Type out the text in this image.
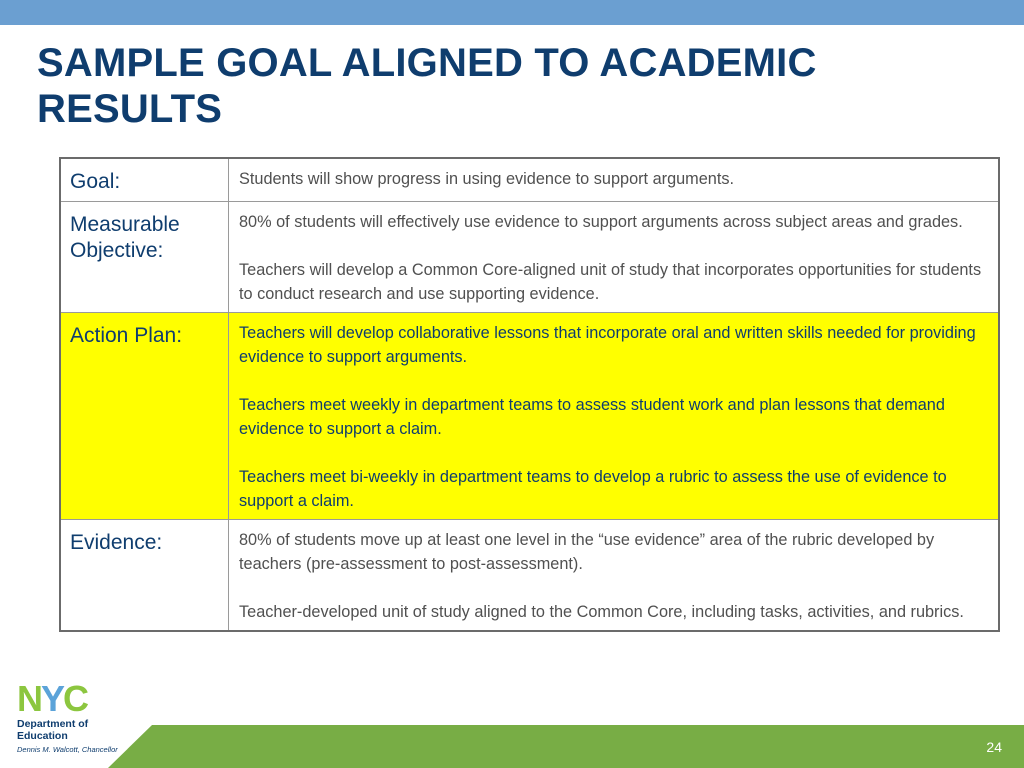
SAMPLE GOAL ALIGNED TO ACADEMIC RESULTS
Goal:	Students will show progress in using evidence to support arguments.

Measurable Objective:	80% of students will effectively use evidence to support arguments across subject areas and grades.

Teachers will develop a Common Core-aligned unit of study that incorporates opportunities for students to conduct research and use supporting evidence.

Action Plan:	Teachers will develop collaborative lessons that incorporate oral and written skills needed for providing evidence to support arguments.

Teachers meet weekly in department teams to assess student work and plan lessons that demand evidence to support a claim.

Teachers meet bi-weekly in department teams to develop a rubric to assess the use of evidence to support a claim.

Evidence:	80% of students move up at least one level in the “use evidence” area of the rubric developed by teachers (pre-assessment to post-assessment).

Teacher-developed unit of study aligned to the Common Core, including tasks, activities, and rubrics.

24
NYC
Department of
Education
Dennis M. Walcott, Chancellor
